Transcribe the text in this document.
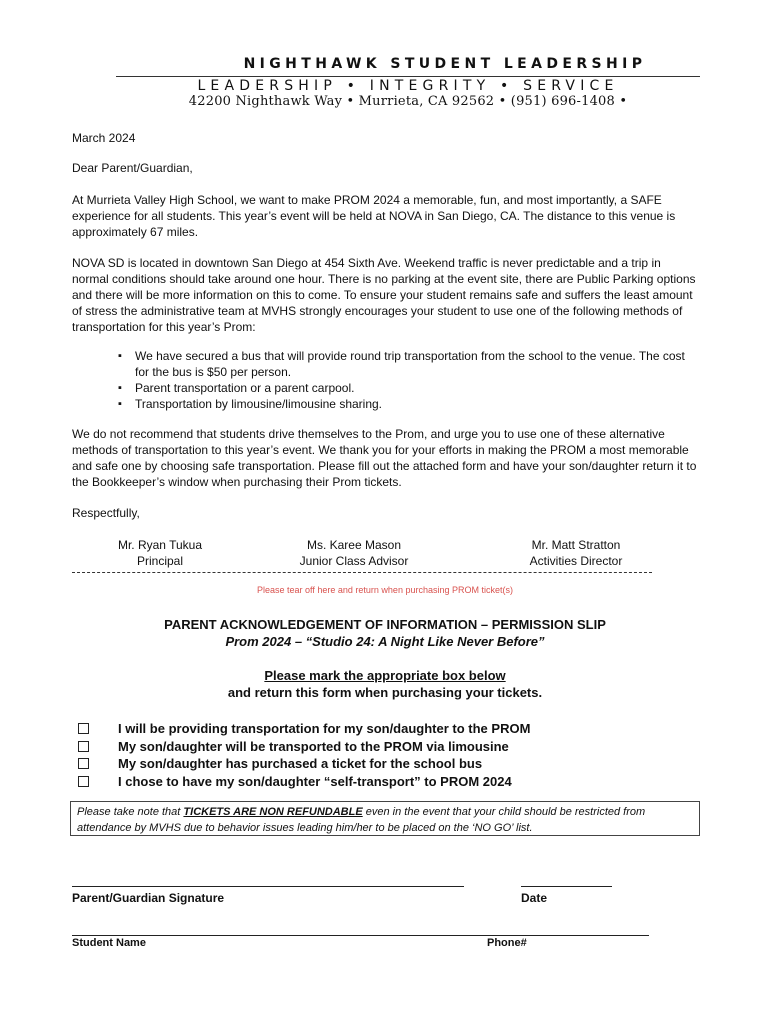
NIGHTHAWK STUDENT LEADERSHIP
LEADERSHIP • INTEGRITY • SERVICE
42200 Nighthawk Way • Murrieta, CA 92562 • (951) 696-1408 •
March 2024
Dear Parent/Guardian,
At Murrieta Valley High School, we want to make PROM 2024 a memorable, fun, and most importantly, a SAFE experience for all students. This year’s event will be held at NOVA in San Diego, CA. The distance to this venue is approximately 67 miles.
NOVA SD is located in downtown San Diego at 454 Sixth Ave. Weekend traffic is never predictable and a trip in normal conditions should take around one hour. There is no parking at the event site, there are Public Parking options and there will be more information on this to come. To ensure your student remains safe and suffers the least amount of stress the administrative team at MVHS strongly encourages your student to use one of the following methods of transportation for this year’s Prom:
▪ We have secured a bus that will provide round trip transportation from the school to the venue. The cost for the bus is $50 per person.
▪ Parent transportation or a parent carpool.
▪ Transportation by limousine/limousine sharing.
We do not recommend that students drive themselves to the Prom, and urge you to use one of these alternative methods of transportation to this year’s event. We thank you for your efforts in making the PROM a most memorable and safe one by choosing safe transportation. Please fill out the attached form and have your son/daughter return it to the Bookkeeper’s window when purchasing their Prom tickets.
Respectfully,
Mr. Ryan Tukua
Principal
Ms. Karee Mason
Junior Class Advisor
Mr. Matt Stratton
Activities Director
Please tear off here and return when purchasing PROM ticket(s)
PARENT ACKNOWLEDGEMENT OF INFORMATION – PERMISSION SLIP
Prom 2024 – “Studio 24: A Night Like Never Before”
Please mark the appropriate box below
and return this form when purchasing your tickets.
I will be providing transportation for my son/daughter to the PROM
My son/daughter will be transported to the PROM via limousine
My son/daughter has purchased a ticket for the school bus
I chose to have my son/daughter “self-transport” to PROM 2024
Please take note that TICKETS ARE NON REFUNDABLE even in the event that your child should be restricted from attendance by MVHS due to behavior issues leading him/her to be placed on the ‘NO GO’ list.
Parent/Guardian Signature	Date
Student Name	Phone#
